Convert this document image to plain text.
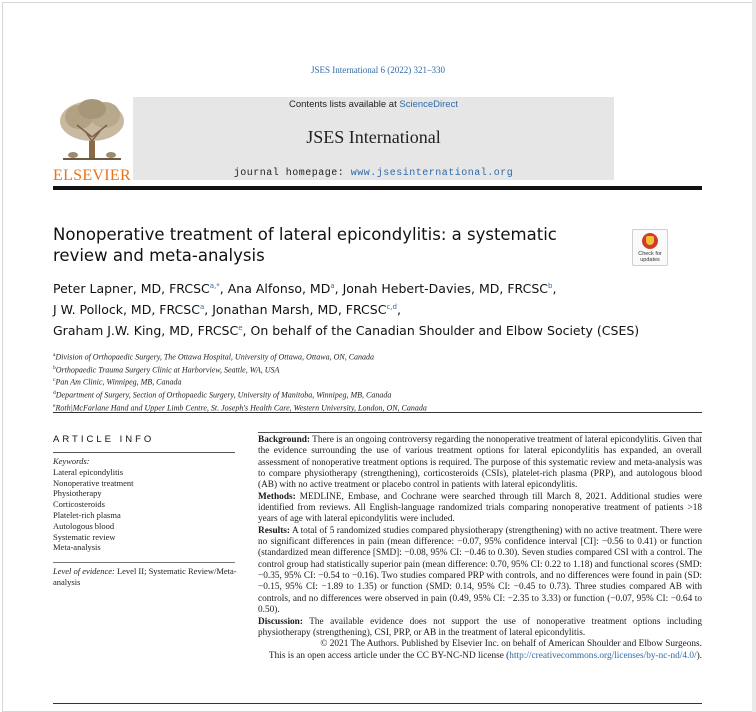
JSES International 6 (2022) 321–330
ELSEVIER
Contents lists available at ScienceDirect
JSES International
journal homepage: www.jsesinternational.org
Nonoperative treatment of lateral epicondylitis: a systematic review and meta-analysis	Check for updates
Peter Lapner, MD, $FRCSC^{a,*}$, Ana Alfonso, $MD^a$, Jonah Hebert-Davies, MD, FRCSC$^b$,
J W. Pollock, MD, FRCSC$^a$, Jonathan Marsh, MD, FRCSC$^{c,d}$,
Graham J.W. King, MD, FRCSC$^e$, On behalf of the Canadian Shoulder and Elbow Society (CSES)
$^a$Division of Orthopaedic Surgery, The Ottawa Hospital, University of Ottawa, Ottawa, ON, Canada
$^b$Orthopaedic Trauma Surgery Clinic at Harborview, Seattle, WA, USA
$^c$Pan Am Clinic, Winnipeg, MB, Canada
$^d$Department of Surgery, Section of Orthopaedic Surgery, University of Manitoba, Winnipeg, MB, Canada
$^e$Roth|McFarlane Hand and Upper Limb Centre, St. Joseph's Health Care, Western University, London, ON, Canada
ARTICLE INFO
Keywords:
Lateral epicondylitis
Nonoperative treatment
Physiotherapy
Corticosteroids
Platelet-rich plasma
Autologous blood
Systematic review
Meta-analysis
Level of evidence: Level II; Systematic Review/Meta-analysis

Background: There is an ongoing controversy regarding the nonoperative treatment of lateral epicondylitis. Given that the evidence surrounding the use of various treatment options for lateral epicondylitis has expanded, an overall assessment of nonoperative treatment options is required. The purpose of this systematic review and meta-analysis was to compare physiotherapy (strengthening), corticosteroids (CSIs), platelet-rich plasma (PRP), and autologous blood (AB) with no active treatment or placebo control in patients with lateral epicondylitis.

Methods: MEDLINE, Embase, and Cochrane were searched through till March 8, 2021. Additional studies were identified from reviews. All English-language randomized trials comparing nonoperative treatment of patients >18 years of age with lateral epicondylitis were included.

Results: A total of 5 randomized studies compared physiotherapy (strengthening) with no active treatment. There were no significant differences in pain (mean difference: −0.07, 95% confidence interval [CI]: −0.56 to 0.41) or function (standardized mean difference [SMD]: −0.08, 95% CI: −0.46 to 0.30). Seven studies compared CSI with a control. The control group had statistically superior pain (mean difference: 0.70, 95% CI: 0.22 to 1.18) and functional scores (SMD: −0.35, 95% CI: −0.54 to −0.16). Two studies compared PRP with controls, and no differences were found in pain (SD: −0.15, 95% CI: −1.89 to 1.35) or function (SMD: 0.14, 95% CI: −0.45 to 0.73). Three studies compared AB with controls, and no differences were observed in pain (0.49, 95% CI: −2.35 to 3.33) or function (−0.07, 95% CI: −0.64 to 0.50).

Discussion: The available evidence does not support the use of nonoperative treatment options including physiotherapy (strengthening), CSI, PRP, or AB in the treatment of lateral epicondylitis.

© 2021 The Authors. Published by Elsevier Inc. on behalf of American Shoulder and Elbow Surgeons.

This is an open access article under the CC BY-NC-ND license (http://creativecommons.org/licenses/by-nc-nd/4.0/).
